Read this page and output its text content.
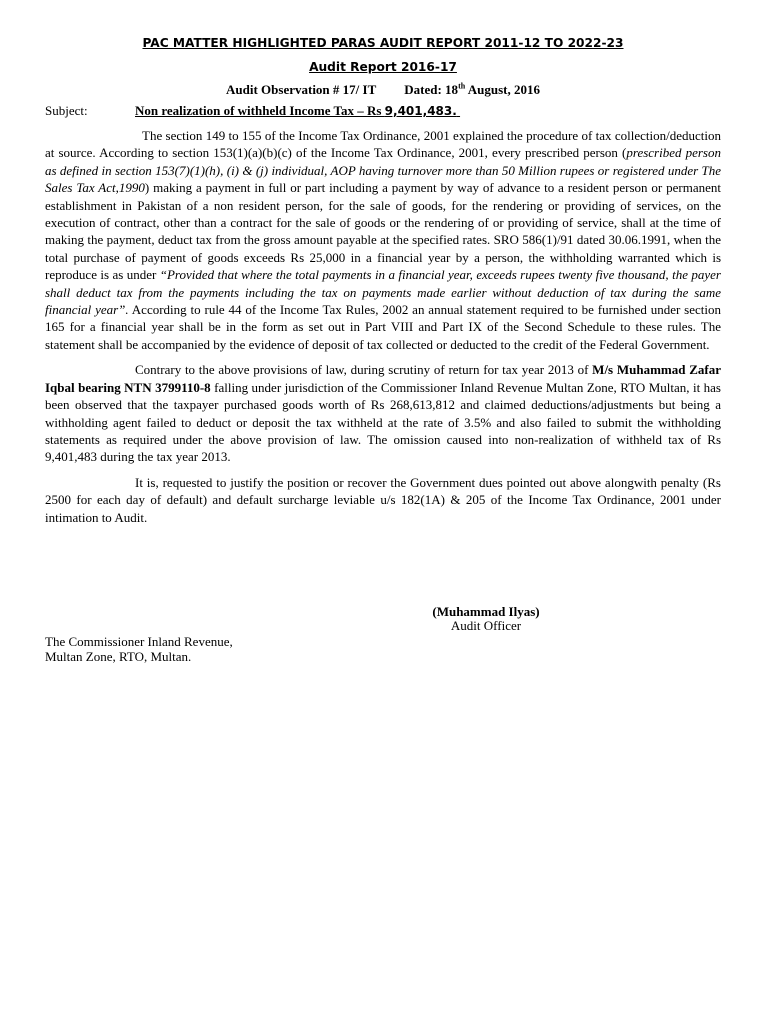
PAC MATTER HIGHLIGHTED PARAS AUDIT REPORT 2011-12 TO 2022-23
Audit Report 2016-17
Audit Observation # 17/ IT Dated: 18th August, 2016
Subject:	Non realization of withheld Income Tax – Rs 9,401,483.

The section 149 to 155 of the Income Tax Ordinance, 2001 explained the procedure of tax collection/deduction at source. According to section 153(1)(a)(b)(c) of the Income Tax Ordinance, 2001, every prescribed person (prescribed person as defined in section 153(7)(1)(h), (i) & (j) individual, AOP having turnover more than 50 Million rupees or registered under The Sales Tax Act,1990) making a payment in full or part including a payment by way of advance to a resident person or permanent establishment in Pakistan of a non resident person, for the sale of goods, for the rendering or providing of services, on the execution of contract, other than a contract for the sale of goods or the rendering of or providing of service, shall at the time of making the payment, deduct tax from the gross amount payable at the specified rates. SRO 586(1)/91 dated 30.06.1991, when the total purchase of payment of goods exceeds Rs 25,000 in a financial year by a person, the withholding warranted which is reproduce is as under “Provided that where the total payments in a financial year, exceeds rupees twenty five thousand, the payer shall deduct tax from the payments including the tax on payments made earlier without deduction of tax during the same financial year”. According to rule 44 of the Income Tax Rules, 2002 an annual statement required to be furnished under section 165 for a financial year shall be in the form as set out in Part VIII and Part IX of the Second Schedule to these rules. The statement shall be accompanied by the evidence of deposit of tax collected or deducted to the credit of the Federal Government.

Contrary to the above provisions of law, during scrutiny of return for tax year 2013 of M/s Muhammad Zafar Iqbal bearing NTN 3799110-8 falling under jurisdiction of the Commissioner Inland Revenue Multan Zone, RTO Multan, it has been observed that the taxpayer purchased goods worth of Rs 268,613,812 and claimed deductions/adjustments but being a withholding agent failed to deduct or deposit the tax withheld at the rate of 3.5% and also failed to submit the withholding statements as required under the above provision of law. The omission caused into non-realization of withheld tax of Rs 9,401,483 during the tax year 2013.

It is, requested to justify the position or recover the Government dues pointed out above alongwith penalty (Rs 2500 for each day of default) and default surcharge leviable u/s 182(1A) & 205 of the Income Tax Ordinance, 2001 under intimation to Audit.

(Muhammad Ilyas)
Audit Officer
The Commissioner Inland Revenue,
Multan Zone, RTO, Multan.
